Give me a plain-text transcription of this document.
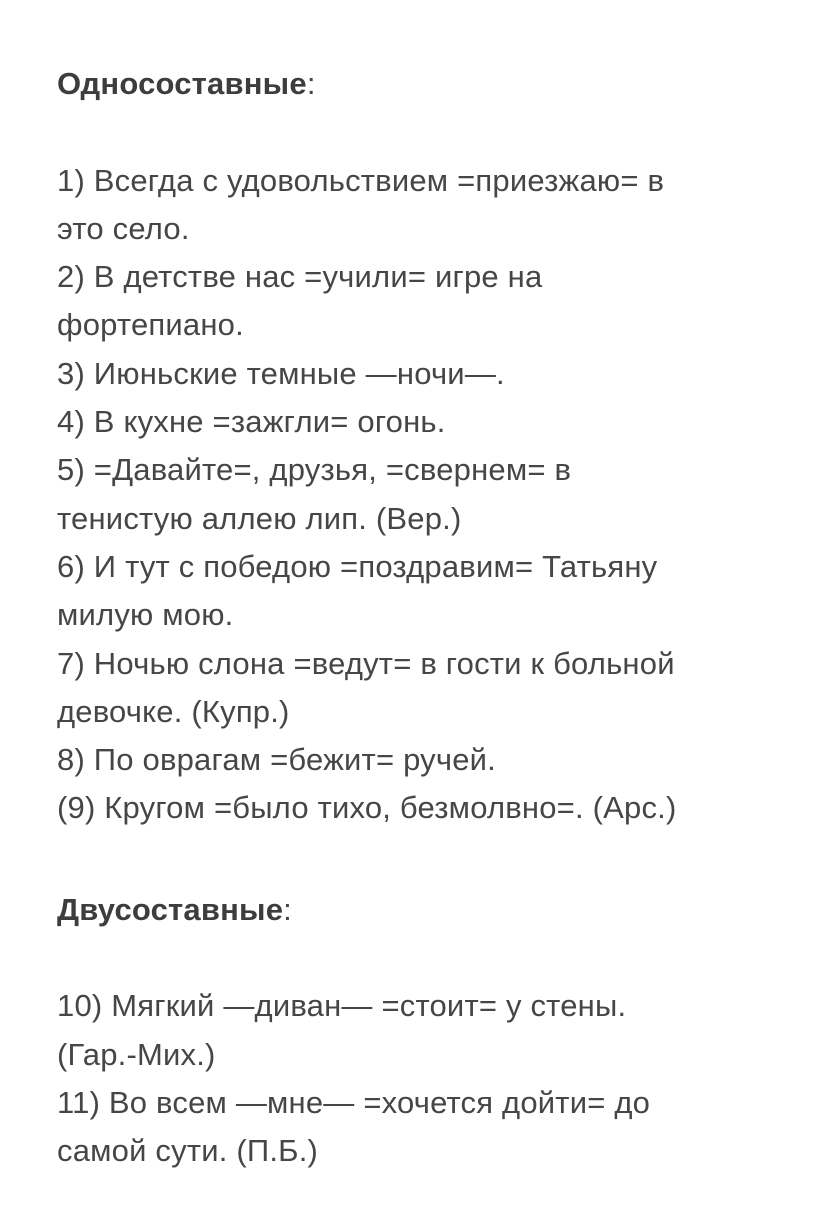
Односоставные:
1) Всегда с удовольствием =приезжаю= в
это село.
2) В детстве нас =учили= игре на
фортепиано.
3) Июньские темные —ночи—.
4) В кухне =зажгли= огонь.
5) =Давайте=, друзья, =свернем= в
тенистую аллею лип. (Вер.)
6) И тут с победою =поздравим= Татьяну
милую мою.
7) Ночью слона =ведут= в гости к больной
девочке. (Купр.)
8) По оврагам =бежит= ручей.
(9) Кругом =было тихо, безмолвно=. (Арс.)
Двусоставные:
10) Мягкий —диван— =стоит= у стены.
(Гар.-Мих.)
11) Во всем —мне— =хочется дойти= до
самой сути. (П.Б.)
